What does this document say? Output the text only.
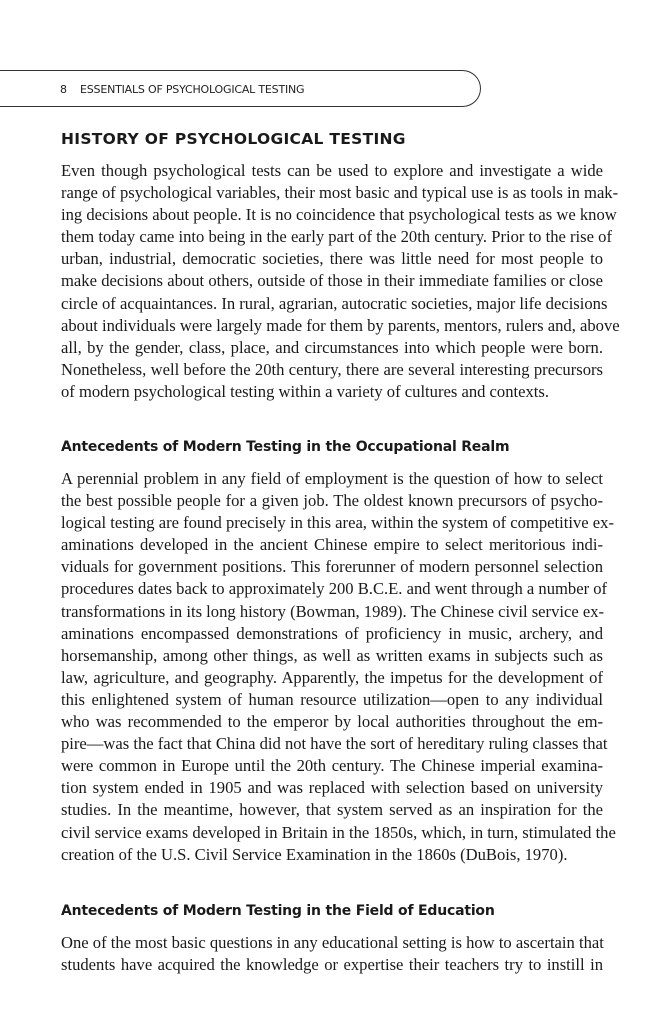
8 ESSENTIALS OF PSYCHOLOGICAL TESTING
HISTORY OF PSYCHOLOGICAL TESTING
Even though psychological tests can be used to explore and investigate a wide
range of psychological variables, their most basic and typical use is as tools in mak-
ing decisions about people. It is no coincidence that psychological tests as we know
them today came into being in the early part of the 20th century. Prior to the rise of
urban, industrial, democratic societies, there was little need for most people to
make decisions about others, outside of those in their immediate families or close
circle of acquaintances. In rural, agrarian, autocratic societies, major life decisions
about individuals were largely made for them by parents, mentors, rulers and, above
all, by the gender, class, place, and circumstances into which people were born.
Nonetheless, well before the 20th century, there are several interesting precursors
of modern psychological testing within a variety of cultures and contexts.
Antecedents of Modern Testing in the Occupational Realm
A perennial problem in any field of employment is the question of how to select
the best possible people for a given job. The oldest known precursors of psycho-
logical testing are found precisely in this area, within the system of competitive ex-
aminations developed in the ancient Chinese empire to select meritorious indi-
viduals for government positions. This forerunner of modern personnel selection
procedures dates back to approximately 200 B.C.E. and went through a number of
transformations in its long history (Bowman, 1989). The Chinese civil service ex-
aminations encompassed demonstrations of proficiency in music, archery, and
horsemanship, among other things, as well as written exams in subjects such as
law, agriculture, and geography. Apparently, the impetus for the development of
this enlightened system of human resource utilization—open to any individual
who was recommended to the emperor by local authorities throughout the em-
pire—was the fact that China did not have the sort of hereditary ruling classes that
were common in Europe until the 20th century. The Chinese imperial examina-
tion system ended in 1905 and was replaced with selection based on university
studies. In the meantime, however, that system served as an inspiration for the
civil service exams developed in Britain in the 1850s, which, in turn, stimulated the
creation of the U.S. Civil Service Examination in the 1860s (DuBois, 1970).
Antecedents of Modern Testing in the Field of Education
One of the most basic questions in any educational setting is how to ascertain that
students have acquired the knowledge or expertise their teachers try to instill in
